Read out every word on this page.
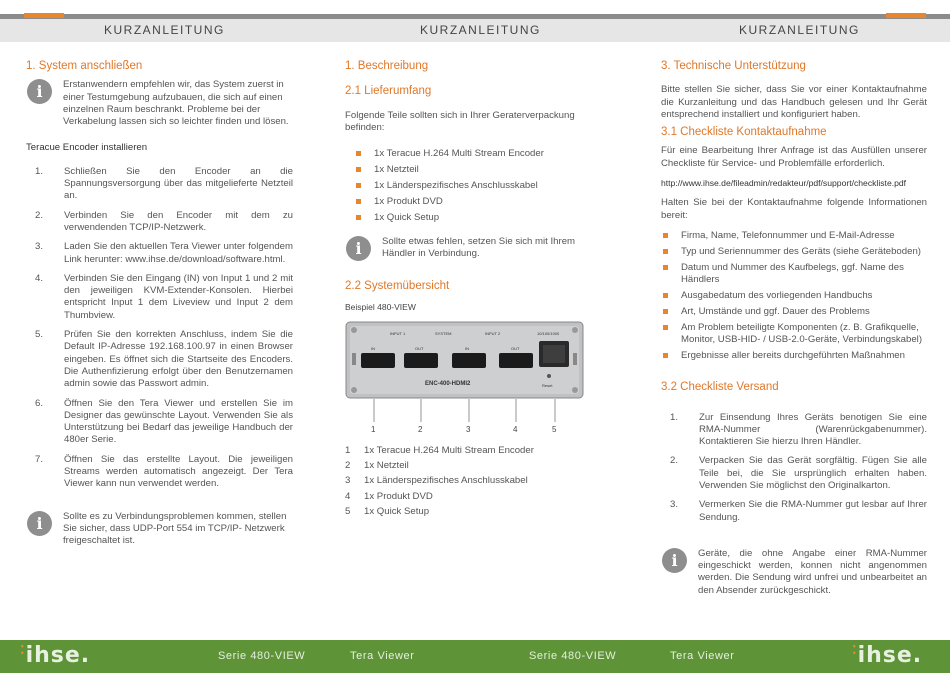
KURZANLEITUNG	KURZANLEITUNG	KURZANLEITUNG
1. System anschließen
i	Erstanwendern empfehlen wir, das System zuerst in einer Testumgebung aufzubauen, die sich auf einen einzelnen Raum beschrankt. Probleme bei der Verkabelung lassen sich so leichter finden und lösen.
Teracue Encoder installieren
1. Schließen Sie den Encoder an die Spannungsversorgung über das mitgelieferte Netzteil an.
2. Verbinden Sie den Encoder mit dem zu verwendenden TCP/IP-Netzwerk.
3. Laden Sie den aktuellen Tera Viewer unter folgendem Link herunter: www.ihse.de/download/software.html.
4. Verbinden Sie den Eingang (IN) von Input 1 und 2 mit den jeweiligen KVM-Extender-Konsolen. Hierbei entspricht Input 1 dem Liveview und Input 2 dem Thumbview.
5. Prüfen Sie den korrekten Anschluss, indem Sie die Default IP-Adresse 192.168.100.97 in einen Browser eingeben. Es öffnet sich die Startseite des Encoders. Die Authenfizierung erfolgt über den Benutzernamen admin sowie das Passwort admin.
6. Öffnen Sie den Tera Viewer und erstellen Sie im Designer das gewünschte Layout. Verwenden Sie als Unterstützung bei Bedarf das jeweilige Handbuch der 480er Serie.
7. Öffnen Sie das erstellte Layout. Die jeweiligen Streams werden automatisch angezeigt. Der Tera Viewer kann nun verwendet werden.
i	Sollte es zu Verbindungsproblemen kommen, stellen Sie sicher, dass UDP-Port 554 im TCP/IP- Netzwerk freigeschaltet ist.
1. Beschreibung
2.1 Lieferumfang
Folgende Teile sollten sich in Ihrer Geraterverpackung befinden:
1x Teracue H.264 Multi Stream Encoder
1x Netzteil
1x Länderspezifisches Anschlusskabel
1x Produkt DVD
1x Quick Setup
i	Sollte etwas fehlen, setzen Sie sich mit Ihrem Händler in Verbindung.
2.2 Systemübersicht
Beispiel 480-VIEW
INPUT 1	SYSTEM	INPUT 2	10/100/1000
IN	OUT	IN	OUT
Reset
ENC-400-HDMI2
1	2	3	4	5
1 1x Teracue H.264 Multi Stream Encoder
2 1x Netzteil
3 1x Länderspezifisches Anschlusskabel
4 1x Produkt DVD
5 1x Quick Setup
3. Technische Unterstützung
Bitte stellen Sie sicher, dass Sie vor einer Kontaktaufnahme die Kurzanleitung und das Handbuch gelesen und Ihr Gerät entsprechend installiert und konfiguriert haben.
3.1 Checkliste Kontaktaufnahme
Für eine Bearbeitung Ihrer Anfrage ist das Ausfüllen unserer Checkliste für Service- und Problemfälle erforderlich.
http://www.ihse.de/fileadmin/redakteur/pdf/support/checkliste.pdf
Halten Sie bei der Kontaktaufnahme folgende Informationen bereit:
Firma, Name, Telefonnummer und E-Mail-Adresse
Typ und Seriennummer des Geräts (siehe Geräteboden)
Datum und Nummer des Kaufbelegs, ggf. Name des Händlers
Ausgabedatum des vorliegenden Handbuchs
Art, Umstände und ggf. Dauer des Problems
Am Problem beteiligte Komponenten (z. B. Grafikquelle, Monitor, USB-HID- / USB-2.0-Geräte, Verbindungskabel)
Ergebnisse aller bereits durchgeführten Maßnahmen
3.2 Checkliste Versand
1. Zur Einsendung Ihres Geräts benotigen Sie eine RMA-Nummer (Warenrückgabenummer). Kontaktieren Sie hierzu Ihren Händler.
2. Verpacken Sie das Gerät sorgfältig. Fügen Sie alle Teile bei, die Sie ursprünglich erhalten haben. Verwenden Sie möglichst den Originalkarton.
3. Vermerken Sie die RMA-Nummer gut lesbar auf Ihrer Sendung.
i	Geräte, die ohne Angabe einer RMA-Nummer eingeschickt werden, konnen nicht angenommen werden. Die Sendung wird unfrei und unbearbeitet an den Absender zurückgeschickt.
⁚ihse.	Serie 480-VIEW	Tera Viewer	Serie 480-VIEW	Tera Viewer	⁚ihse.
